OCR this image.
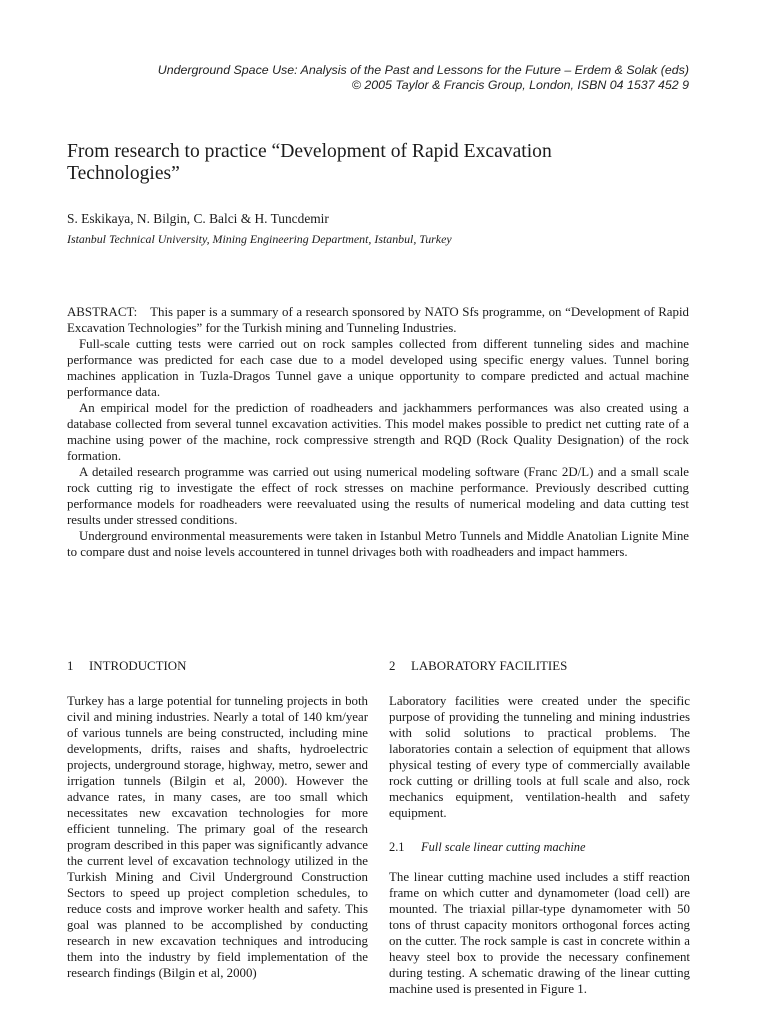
Underground Space Use: Analysis of the Past and Lessons for the Future – Erdem & Solak (eds)
© 2005 Taylor & Francis Group, London, ISBN 04 1537 452 9
From research to practice “Development of Rapid Excavation Technologies”
S. Eskikaya, N. Bilgin, C. Balci & H. Tuncdemir
Istanbul Technical University, Mining Engineering Department, Istanbul, Turkey

ABSTRACT: This paper is a summary of a research sponsored by NATO Sfs programme, on “Development of Rapid Excavation Technologies” for the Turkish mining and Tunneling Industries.

Full-scale cutting tests were carried out on rock samples collected from different tunneling sides and machine performance was predicted for each case due to a model developed using specific energy values. Tunnel boring machines application in Tuzla-Dragos Tunnel gave a unique opportunity to compare predicted and actual machine performance data.

An empirical model for the prediction of roadheaders and jackhammers performances was also created using a database collected from several tunnel excavation activities. This model makes possible to predict net cutting rate of a machine using power of the machine, rock compressive strength and RQD (Rock Quality Designation) of the rock formation.

A detailed research programme was carried out using numerical modeling software (Franc 2D/L) and a small scale rock cutting rig to investigate the effect of rock stresses on machine performance. Previously described cutting performance models for roadheaders were reevaluated using the results of numerical modeling and data cutting test results under stressed conditions.

Underground environmental measurements were taken in Istanbul Metro Tunnels and Middle Anatolian Lignite Mine to compare dust and noise levels accountered in tunnel drivages both with roadheaders and impact hammers.

1 INTRODUCTION

Turkey has a large potential for tunneling projects in both civil and mining industries. Nearly a total of 140 km/year of various tunnels are being constructed, including mine developments, drifts, raises and shafts, hydroelectric projects, underground storage, highway, metro, sewer and irrigation tunnels (Bilgin et al, 2000). However the advance rates, in many cases, are too small which necessitates new excavation technologies for more efficient tunneling. The primary goal of the research program described in this paper was significantly advance the current level of excavation technology utilized in the Turkish Mining and Civil Underground Construction Sectors to speed up project completion schedules, to reduce costs and improve worker health and safety. This goal was planned to be accomplished by conducting research in new excavation techniques and introducing them into the industry by field implementation of the research findings (Bilgin et al, 2000)

2 LABORATORY FACILITIES

Laboratory facilities were created under the specific purpose of providing the tunneling and mining industries with solid solutions to practical problems. The laboratories contain a selection of equipment that allows physical testing of every type of commercially available rock cutting or drilling tools at full scale and also, rock mechanics equipment, ventilation-health and safety equipment.

2.1 Full scale linear cutting machine

The linear cutting machine used includes a stiff reaction frame on which cutter and dynamometer (load cell) are mounted. The triaxial pillar-type dynamometer with 50 tons of thrust capacity monitors orthogonal forces acting on the cutter. The rock sample is cast in concrete within a heavy steel box to provide the necessary confinement during testing. A schematic drawing of the linear cutting machine used is presented in Figure 1.
